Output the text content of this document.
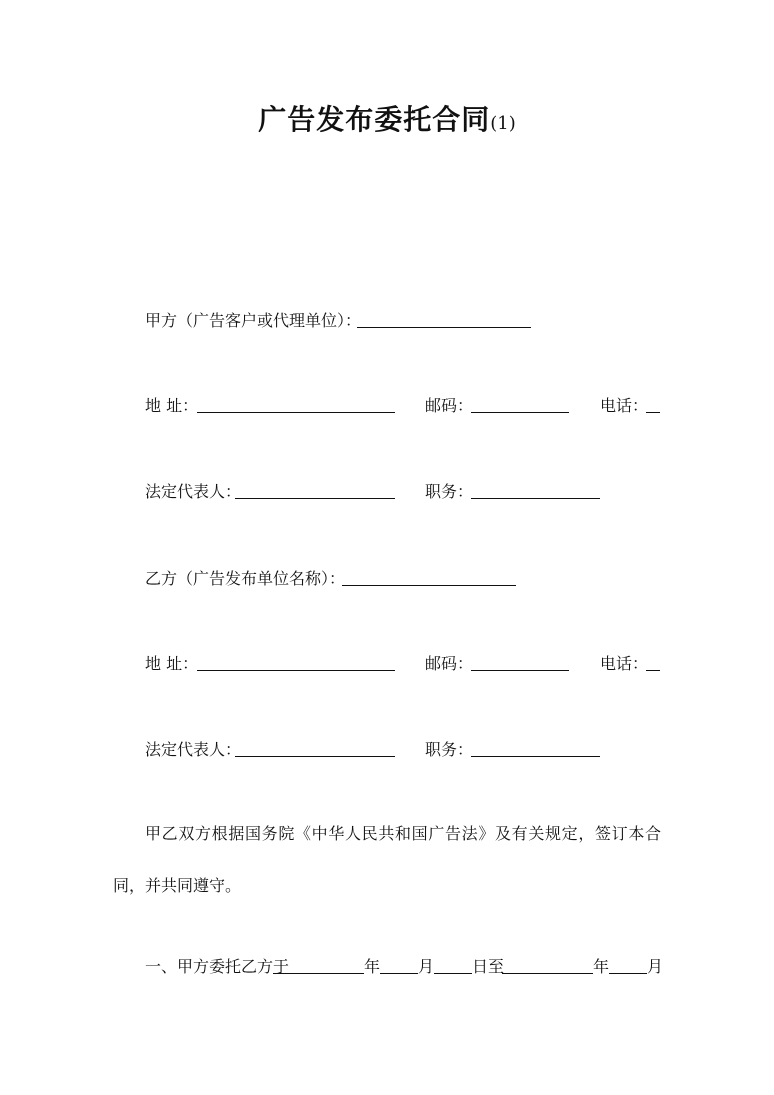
广告发布委托合同(1)
甲方（广告客户或代理单位）：
地 址：	邮码：	电话：
法定代表人：	职务：
乙方（广告发布单位名称）：
地 址：	邮码：	电话：
法定代表人：	职务：
甲乙双方根据国务院《中华人民共和国广告法》及有关规定，签订本合同，并共同遵守。
一、甲方委托乙方于	年 月 日至	年 月
